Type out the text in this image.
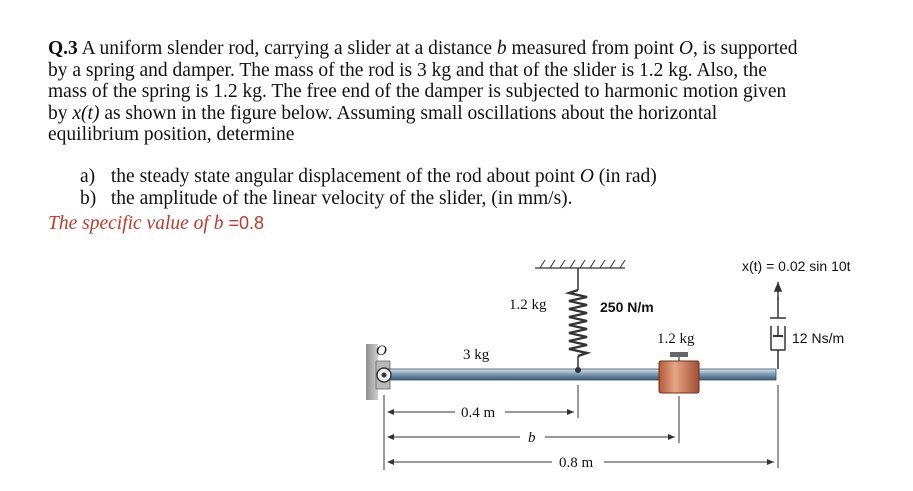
Q.3 A uniform slender rod, carrying a slider at a distance b measured from point O, is supported by a spring and damper. The mass of the rod is 3 kg and that of the slider is 1.2 kg. Also, the mass of the spring is 1.2 kg. The free end of the damper is subjected to harmonic motion given by x(t) as shown in the figure below. Assuming small oscillations about the horizontal equilibrium position, determine

a) the steady state angular displacement of the rod about point O (in rad)
b) the amplitude of the linear velocity of the slider, (in mm/s).
The specific value of b =0.8
1.2 kg	250 N/m
1.2 kg
3 kg
O
12 Ns/m
x(t) = 0.02 sin 10t
0.4 m
b
0.8 m
